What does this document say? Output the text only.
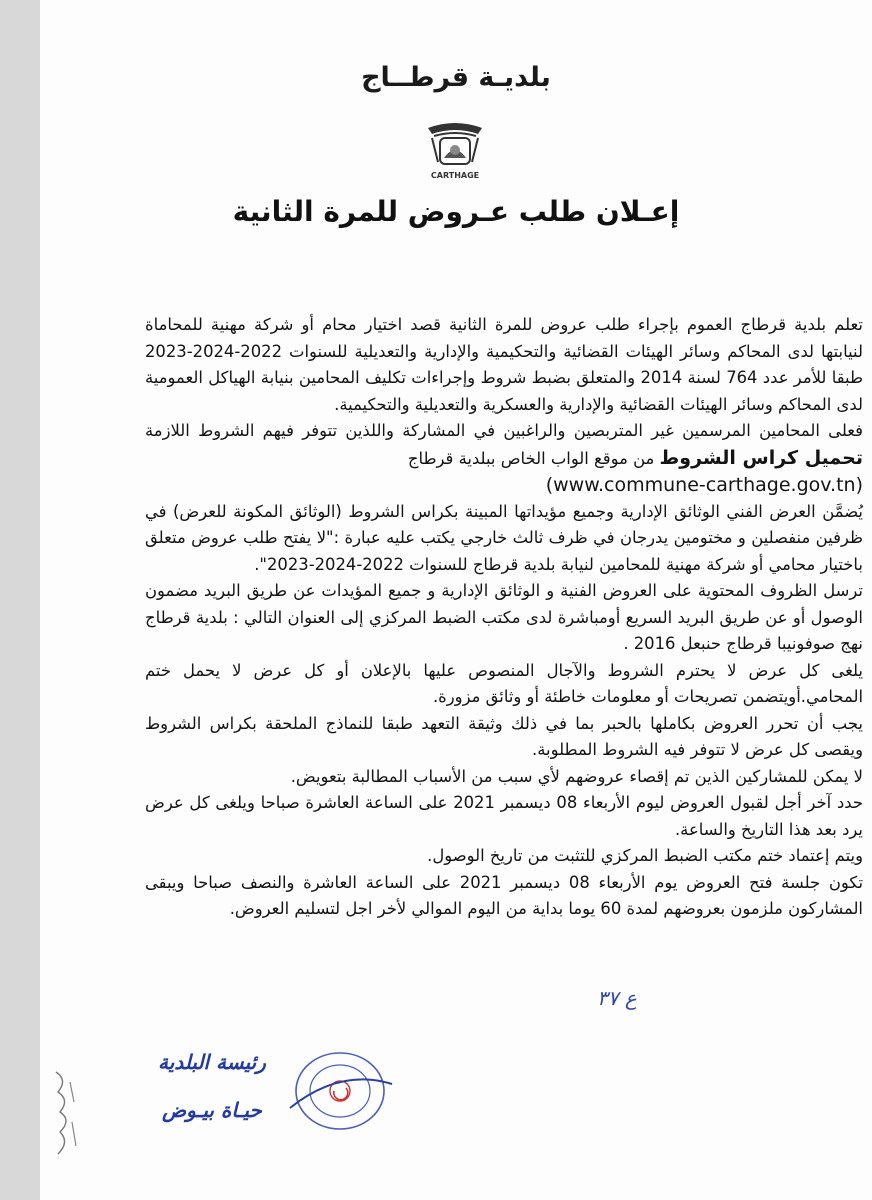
بلديـة قرطــاج

CARTHAGE
إعـلان طلب عـروض للمرة الثانية

تعلم بلدية قرطاج العموم بإجراء طلب عروض للمرة الثانية قصد اختيار محام أو شركة مهنية للمحاماة لنيابتها لدى المحاكم وسائر الهيئات القضائية والتحكيمية والإدارية والتعديلية للسنوات 2022-2024-2023 طبقا للأمر عدد 764 لسنة 2014 والمتعلق بضبط شروط وإجراءات تكليف المحامين بنيابة الهياكل العمومية لدى المحاكم وسائر الهيئات القضائية والإدارية والعسكرية والتعديلية والتحكيمية.

فعلى المحامين المرسمين غير المتربصين والراغبين في المشاركة واللذين تتوفر فيهم الشروط اللازمة تحميل كراس الشروط من موقع الواب الخاص ببلدية قرطاج
(www.commune-carthage.gov.tn)

يُضمَّن العرض الفني الوثائق الإدارية وجميع مؤيداتها المبينة بكراس الشروط (الوثائق المكونة للعرض) في ظرفين منفصلين و مختومين يدرجان في ظرف ثالث خارجي يكتب عليه عبارة :"لا يفتح طلب عروض متعلق باختيار محامي أو شركة مهنية للمحامين لنيابة بلدية قرطاج للسنوات 2022-2024-2023".

ترسل الظروف المحتوية على العروض الفنية و الوثائق الإدارية و جميع المؤيدات عن طريق البريد مضمون الوصول أو عن طريق البريد السريع أومباشرة لدى مكتب الضبط المركزي إلى العنوان التالي : بلدية قرطاج نهج صوفونيبا قرطاج حنبعل 2016 .

يلغى كل عرض لا يحترم الشروط والآجال المنصوص عليها بالإعلان أو كل عرض لا يحمل ختم المحامي.أويتضمن تصريحات أو معلومات خاطئة أو وثائق مزورة.

يجب أن تحرر العروض بكاملها بالحبر بما في ذلك وثيقة التعهد طبقا للنماذج الملحقة بكراس الشروط ويقصى كل عرض لا تتوفر فيه الشروط المطلوبة.

لا يمكن للمشاركين الذين تم إقصاء عروضهم لأي سبب من الأسباب المطالبة بتعويض.

حدد آخر أجل لقبول العروض ليوم الأربعاء 08 ديسمبر 2021 على الساعة العاشرة صباحا ويلغى كل عرض يرد بعد هذا التاريخ والساعة.

ويتم إعتماد ختم مكتب الضبط المركزي للتثبت من تاريخ الوصول.

تكون جلسة فتح العروض يوم الأربعاء 08 ديسمبر 2021 على الساعة العاشرة والنصف صباحا ويبقى المشاركون ملزمون بعروضهم لمدة 60 يوما بداية من اليوم الموالي لأخر اجل لتسليم العروض.

ع ٣٧

رئيسة البلدية

حيـاة بيـوض
